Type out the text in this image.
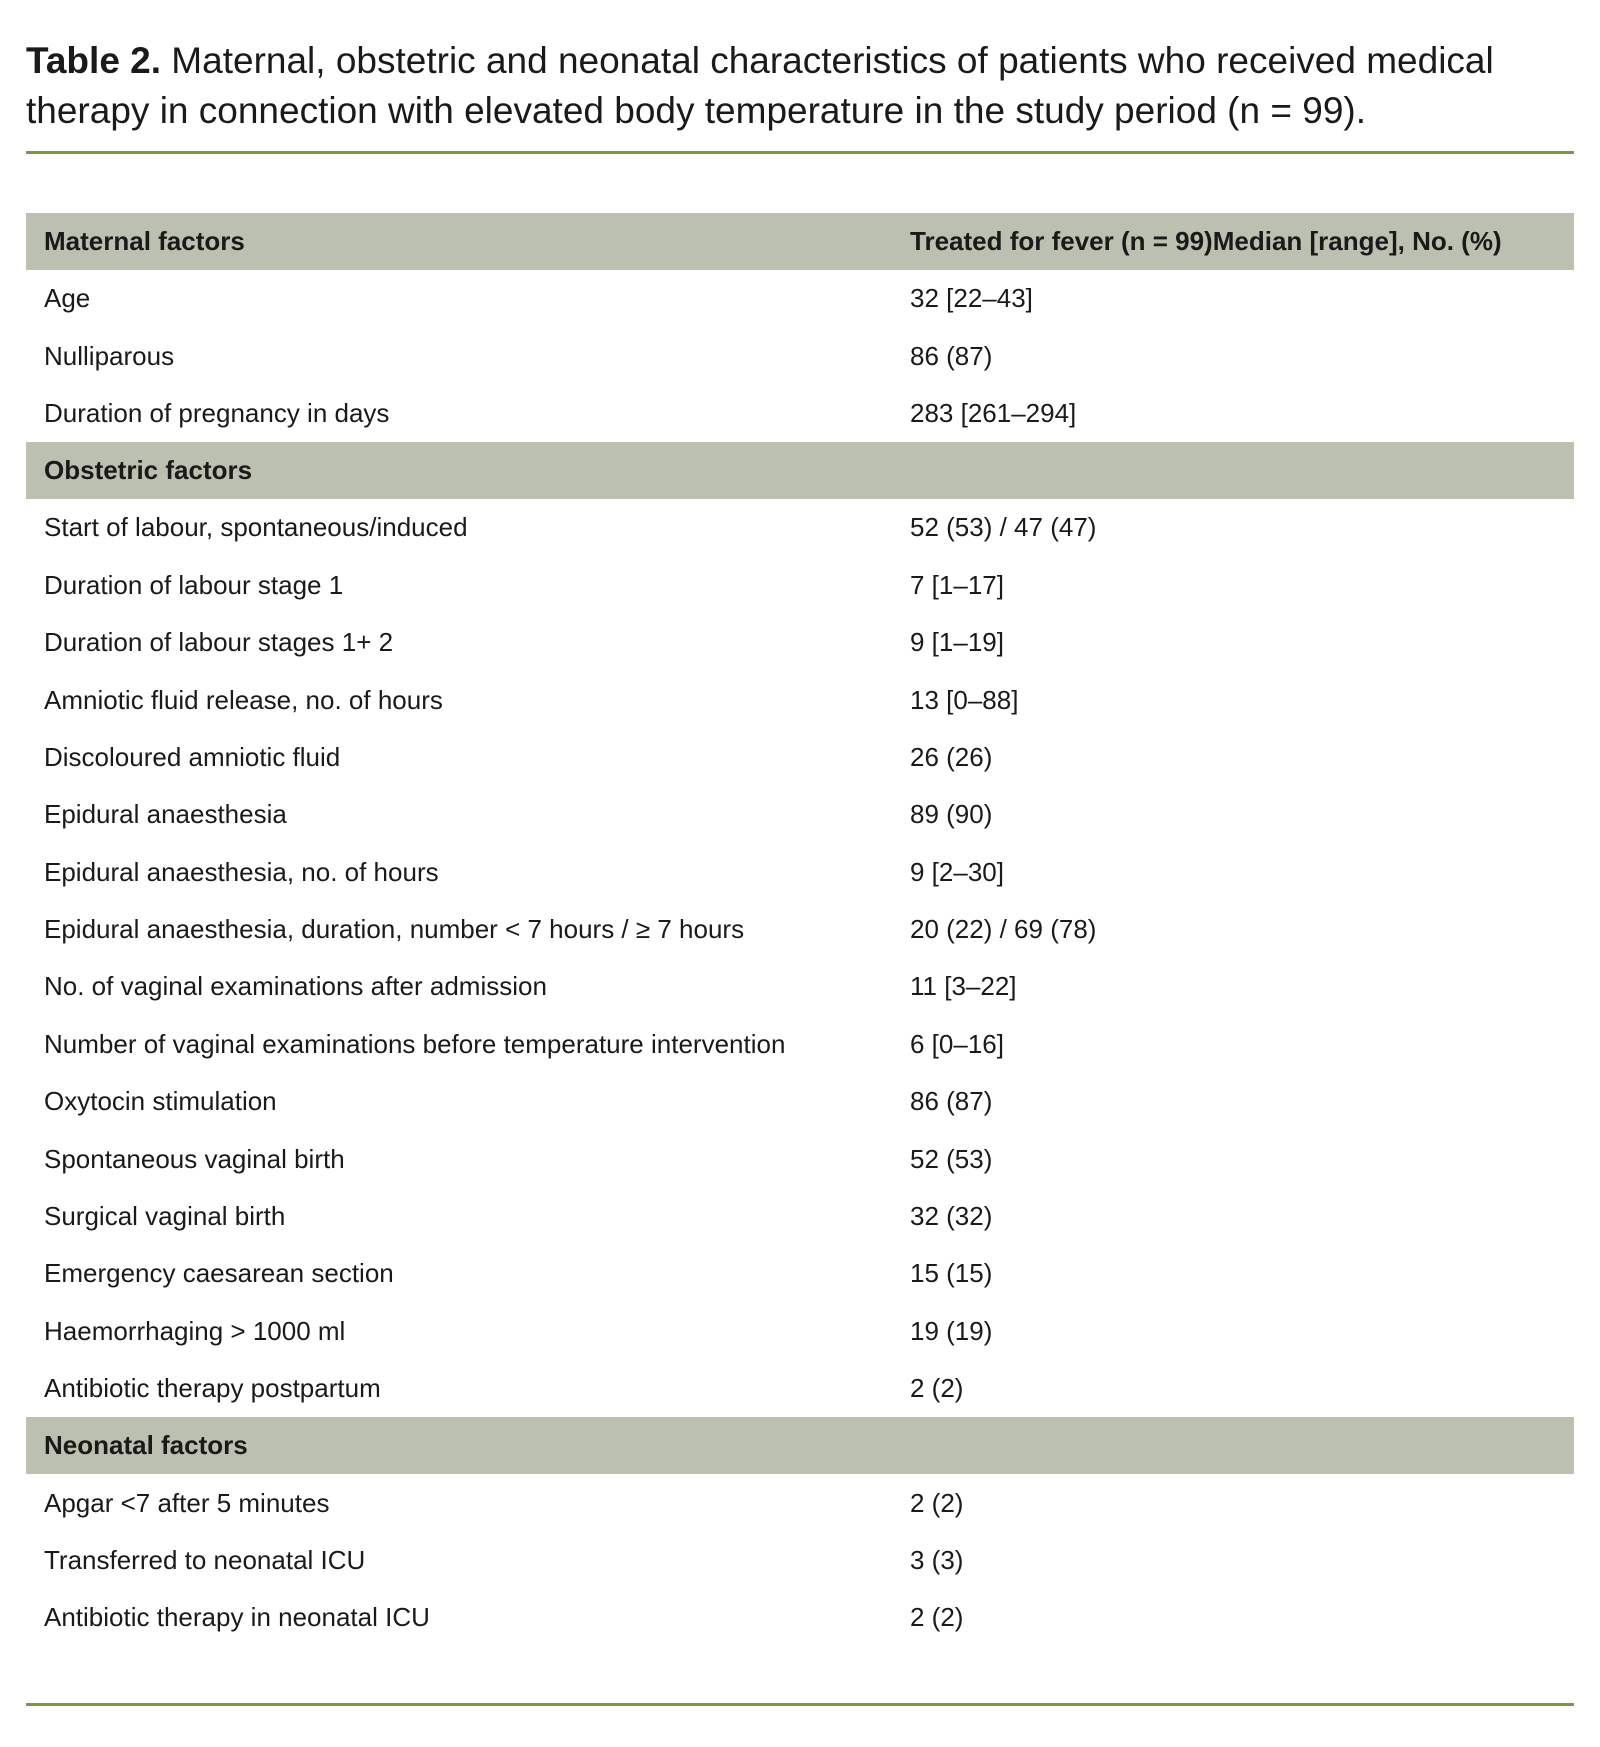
Table 2. Maternal, obstetric and neonatal characteristics of patients who received medical therapy in connection with elevated body temperature in the study period (n = 99).

Maternal factors	Treated for fever (n = 99)Median [range], No. (%)
Age	32 [22–43]
Nulliparous	86 (87)
Duration of pregnancy in days	283 [261–294]
Obstetric factors	
Start of labour, spontaneous/induced	52 (53) / 47 (47)
Duration of labour stage 1	7 [1–17]
Duration of labour stages 1+ 2	9 [1–19]
Amniotic fluid release, no. of hours	13 [0–88]
Discoloured amniotic fluid	26 (26)
Epidural anaesthesia	89 (90)
Epidural anaesthesia, no. of hours	9 [2–30]
Epidural anaesthesia, duration, number < 7 hours / ≥ 7 hours	20 (22) / 69 (78)
No. of vaginal examinations after admission	11 [3–22]
Number of vaginal examinations before temperature intervention	6 [0–16]
Oxytocin stimulation	86 (87)
Spontaneous vaginal birth	52 (53)
Surgical vaginal birth	32 (32)
Emergency caesarean section	15 (15)
Haemorrhaging > 1000 ml	19 (19)
Antibiotic therapy postpartum	2 (2)
Neonatal factors	
Apgar <7 after 5 minutes	2 (2)
Transferred to neonatal ICU	3 (3)
Antibiotic therapy in neonatal ICU	2 (2)
